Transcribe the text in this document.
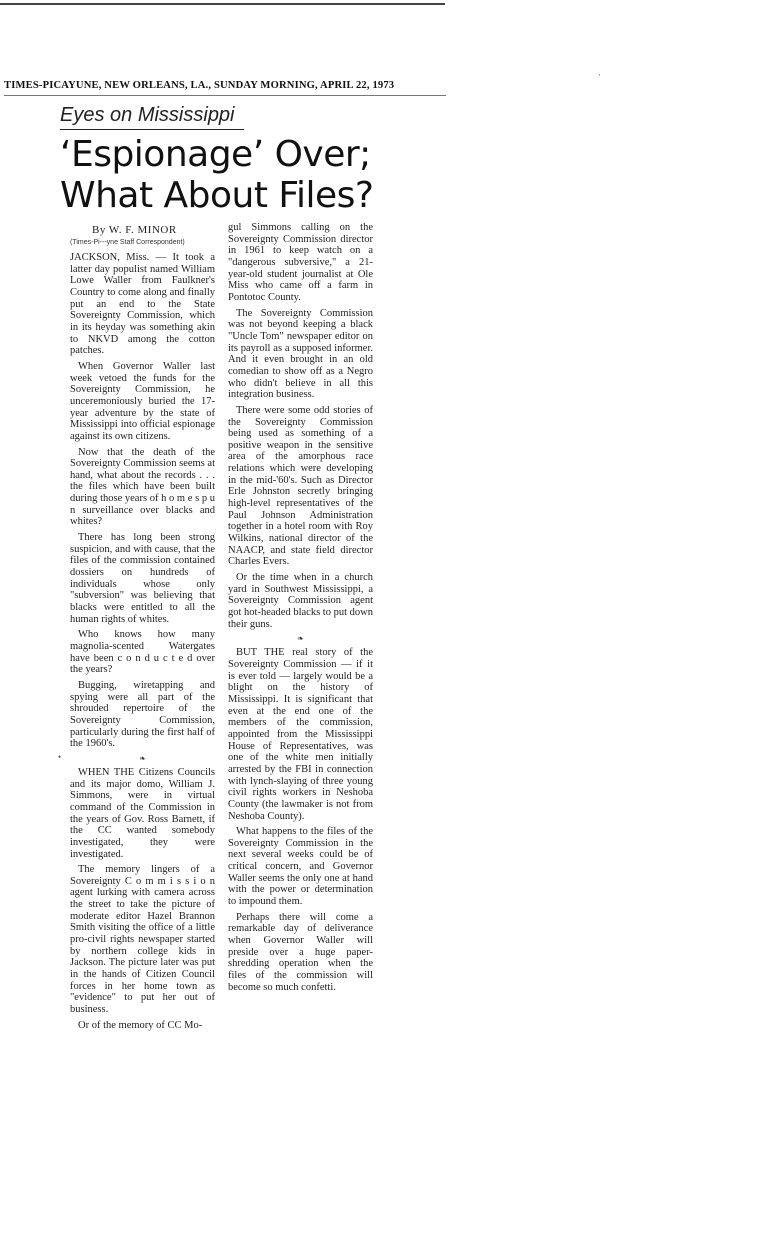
TIMES-PICAYUNE, NEW ORLEANS, LA., SUNDAY MORNING, APRIL 22, 1973
Eyes on Mississippi
‘Espionage’ Over; What About Files?
By W. F. MINOR
(Times-Pi---yne Staff Correspondent)

JACKSON, Miss. — It took a latter day populist named William Lowe Waller from Faulkner's Country to come along and finally put an end to the State Sovereignty Commission, which in its heyday was something akin to NKVD among the cotton patches.

When Governor Waller last week vetoed the funds for the Sovereignty Commission, he unceremoniously buried the 17-year adventure by the state of Mississippi into official espionage against its own citizens.

Now that the death of the Sovereignty Commission seems at hand, what about the records . . . the files which have been built during those years of h o m e s p u n surveillance over blacks and whites?

There has long been strong suspicion, and with cause, that the files of the commission contained dossiers on hundreds of individuals whose only "subversion" was believing that blacks were entitled to all the human rights of whites.

Who knows how many magnolia-scented Watergates have been c o n d u c t e d over the years?

Bugging, wiretapping and spying were all part of the shrouded repertoire of the Sovereignty Commission, particularly during the first half of the 1960's.

❧

WHEN THE Citizens Councils and its major domo, William J. Simmons, were in virtual command of the Commission in the years of Gov. Ross Barnett, if the CC wanted somebody investigated, they were investigated.

The memory lingers of a Sovereignty C o m m i s s i o n agent lurking with camera across the street to take the picture of moderate editor Hazel Brannon Smith visiting the office of a little pro-civil rights newspaper started by northern college kids in Jackson. The picture later was put in the hands of Citizen Council forces in her home town as "evidence" to put her out of business.

Or of the memory of CC Mo-

gul Simmons calling on the Sovereignty Commission director in 1961 to keep watch on a "dangerous subversive," a 21-year-old student journalist at Ole Miss who came off a farm in Pontotoc County.

The Sovereignty Commission was not beyond keeping a black "Uncle Tom" newspaper editor on its payroll as a supposed informer. And it even brought in an old comedian to show off as a Negro who didn't believe in all this integration business.

There were some odd stories of the Sovereignty Commission being used as something of a positive weapon in the sensitive area of the amorphous race relations which were developing in the mid-'60's. Such as Director Erle Johnston secretly bringing high-level representatives of the Paul Johnson Administration together in a hotel room with Roy Wilkins, national director of the NAACP, and state field director Charles Evers.

Or the time when in a church yard in Southwest Mississippi, a Sovereignty Commission agent got hot-headed blacks to put down their guns.

❧

BUT THE real story of the Sovereignty Commission — if it is ever told — largely would be a blight on the history of Mississippi. It is significant that even at the end one of the members of the commission, appointed from the Mississippi House of Representatives, was one of the white men initially arrested by the FBI in connection with lynch-slaying of three young civil rights workers in Neshoba County (the lawmaker is not from Neshoba County).

What happens to the files of the Sovereignty Commission in the next several weeks could be of critical concern, and Governor Waller seems the only one at hand with the power or determination to impound them.

Perhaps there will come a remarkable day of deliverance when Governor Waller will preside over a huge paper-shredding operation when the files of the commission will become so much confetti.

•
⋅
